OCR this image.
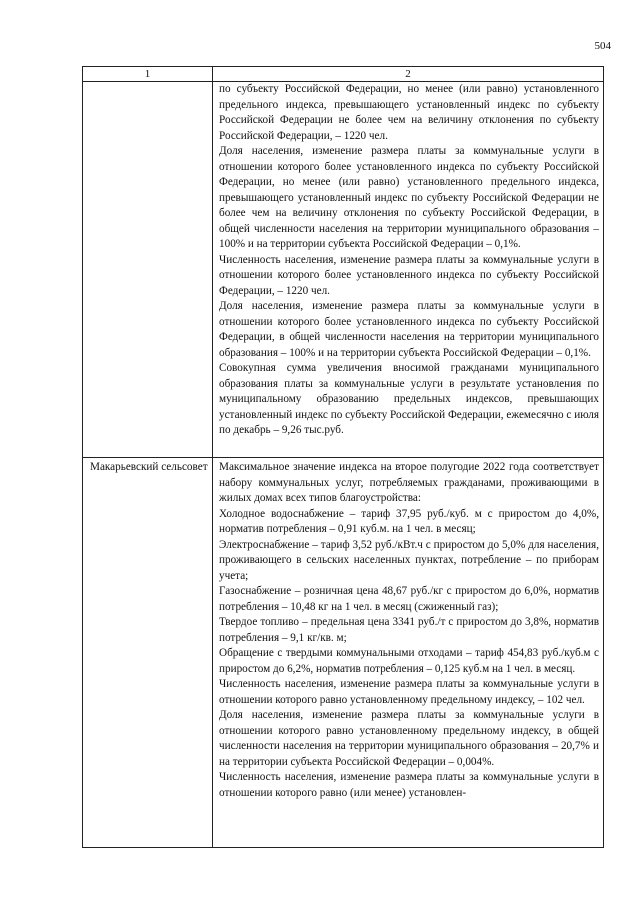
504
1	2

по субъекту Российской Федерации, но менее (или равно) установленного предельного индекса, превышающего установленный индекс по субъекту Российской Федерации не более чем на величину отклонения по субъекту Российской Федерации, – 1220 чел.

Доля населения, изменение размера платы за коммунальные услуги в отношении которого более установленного индекса по субъекту Российской Федерации, но менее (или равно) установленного предельного индекса, превышающего установленный индекс по субъекту Российской Федерации не более чем на величину отклонения по субъекту Российской Федерации, в общей численности населения на территории муниципального образования – 100% и на территории субъекта Российской Федерации – 0,1%.

Численность населения, изменение размера платы за коммунальные услуги в отношении которого более установленного индекса по субъекту Российской Федерации, – 1220 чел.

Доля населения, изменение размера платы за коммунальные услуги в отношении которого более установленного индекса по субъекту Российской Федерации, в общей численности населения на территории муниципального образования – 100% и на территории субъекта Российской Федерации – 0,1%.

Совокупная сумма увеличения вносимой гражданами муниципального образования платы за коммунальные услуги в результате установления по муниципальному образованию предельных индексов, превышающих установленный индекс по субъекту Российской Федерации, ежемесячно с июля по декабрь – 9,26 тыс.руб.

Макарьевский сельсовет Максимальное значение индекса на второе полугодие 2022 года соответствует набору коммунальных услуг, потребляемых гражданами, проживающими в жилых домах всех типов благоустройства:

Холодное водоснабжение – тариф 37,95 руб./куб. м с приростом до 4,0%, норматив потребления – 0,91 куб.м. на 1 чел. в месяц;

Электроснабжение – тариф 3,52 руб./кВт.ч с приростом до 5,0% для населения, проживающего в сельских населенных пунктах, потребление – по приборам учета;

Газоснабжение – розничная цена 48,67 руб./кг с приростом до 6,0%, норматив потребления – 10,48 кг на 1 чел. в месяц (сжиженный газ);

Твердое топливо – предельная цена 3341 руб./т с приростом до 3,8%, норматив потребления – 9,1 кг/кв. м;

Обращение с твердыми коммунальными отходами – тариф 454,83 руб./куб.м с приростом до 6,2%, норматив потребления – 0,125 куб.м на 1 чел. в месяц.

Численность населения, изменение размера платы за коммунальные услуги в отношении которого равно установленному предельному индексу, – 102 чел.

Доля населения, изменение размера платы за коммунальные услуги в отношении которого равно установленному предельному индексу, в общей численности населения на территории муниципального образования – 20,7% и на территории субъекта Российской Федерации – 0,004%.

Численность населения, изменение размера платы за коммунальные услуги в отношении которого равно (или менее) установлен-
